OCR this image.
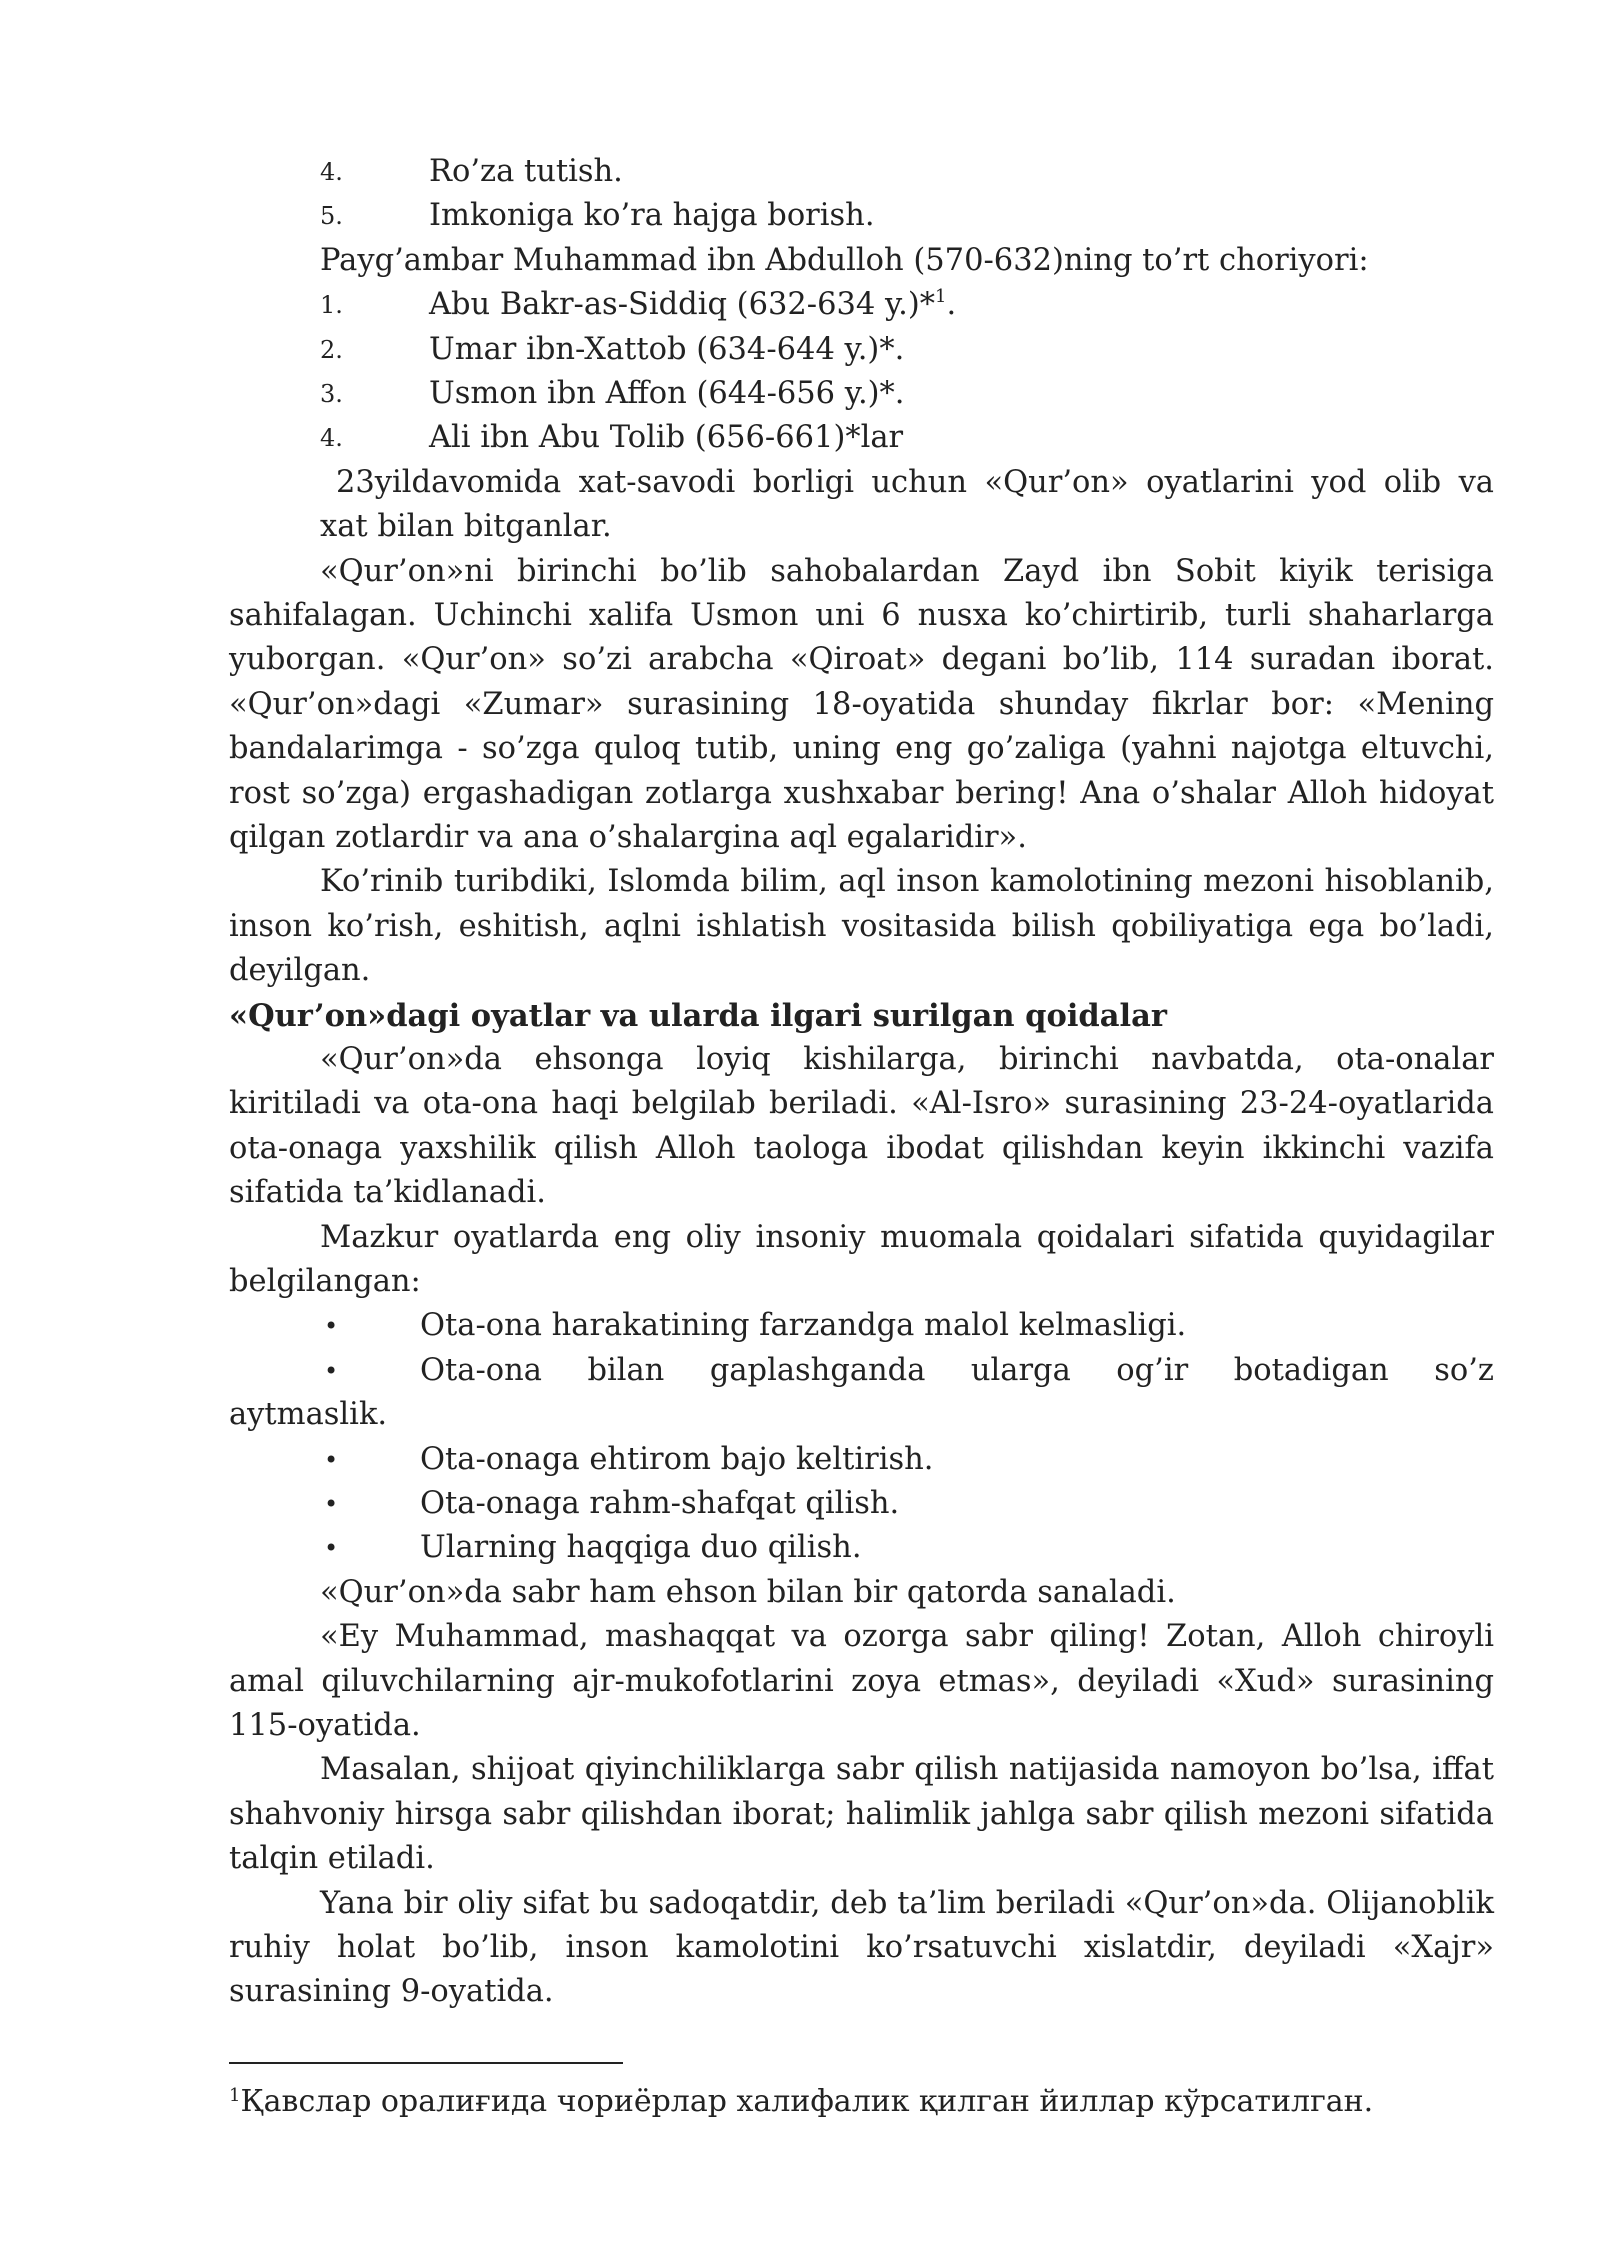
4.	Ro’za tutish.
5.	Imkoniga ko’ra hajga borish.
Payg’ambar Muhammad ibn Abdulloh (570-632)ning to’rt choriyori:
1.	Abu Bakr-as-Siddiq (632-634 y.)*$^1$.
2.	Umar ibn-Xattob (634-644 y.)*.
3.	Usmon ibn Affon (644-656 y.)*.
4.	Ali ibn Abu Tolib (656-661)*lar
23yildavomida xat-savodi borligi uchun «Qur’on» oyatlarini yod olib va
xat bilan bitganlar.
«Qur’on»ni birinchi bo’lib sahobalardan Zayd ibn Sobit kiyik terisiga sahifalagan. Uchinchi xalifa Usmon uni 6 nusxa ko’chirtirib, turli shaharlarga yuborgan. «Qur’on» so’zi arabcha «Qiroat» degani bo’lib, 114 suradan iborat. «Qur’on»dagi «Zumar» surasining 18-oyatida shunday fikrlar bor: «Mening bandalarimga - so’zga quloq tutib, uning eng go’zaliga (yahni najotga eltuvchi, rost so’zga) ergashadigan zotlarga xushxabar bering! Ana o’shalar Alloh hidoyat qilgan zotlardir va ana o’shalargina aql egalaridir».
Ko’rinib turibdiki, Islomda bilim, aql inson kamolotining mezoni hisoblanib, inson ko’rish, eshitish, aqlni ishlatish vositasida bilish qobiliyatiga ega bo’ladi, deyilgan.
«Qur’on»dagi oyatlar va ularda ilgari surilgan qoidalar
«Qur’on»da ehsonga loyiq kishilarga, birinchi navbatda, ota-onalar kiritiladi va ota-ona haqi belgilab beriladi. «Al-Isro» surasining 23-24-oyatlarida ota-onaga yaxshilik qilish Alloh taologa ibodat qilishdan keyin ikkinchi vazifa sifatida ta’kidlanadi.
Mazkur oyatlarda eng oliy insoniy muomala qoidalari sifatida quyidagilar belgilangan:
•	Ota-ona harakatining farzandga malol kelmasligi.
•	Ota-ona bilan gaplashganda ularga og’ir botadigan so’z
aytmaslik.
•	Ota-onaga ehtirom bajo keltirish.
•	Ota-onaga rahm-shafqat qilish.
•	Ularning haqqiga duo qilish.
«Qur’on»da sabr ham ehson bilan bir qatorda sanaladi.
«Ey Muhammad, mashaqqat va ozorga sabr qiling! Zotan, Alloh chiroyli amal qiluvchilarning ajr-mukofotlarini zoya etmas», deyiladi «Xud» surasining 115-oyatida.
Masalan, shijoat qiyinchiliklarga sabr qilish natijasida namoyon bo’lsa, iffat shahvoniy hirsga sabr qilishdan iborat; halimlik jahlga sabr qilish mezoni sifatida talqin etiladi.
Yana bir oliy sifat bu sadoqatdir, deb ta’lim beriladi «Qur’on»da. Olijanoblik ruhiy holat bo’lib, inson kamolotini ko’rsatuvchi xislatdir, deyiladi «Xajr» surasining 9-oyatida.
$^1$Қавслар оралиғида чориёрлар халифалик қилган йиллар кўрсатилган.
